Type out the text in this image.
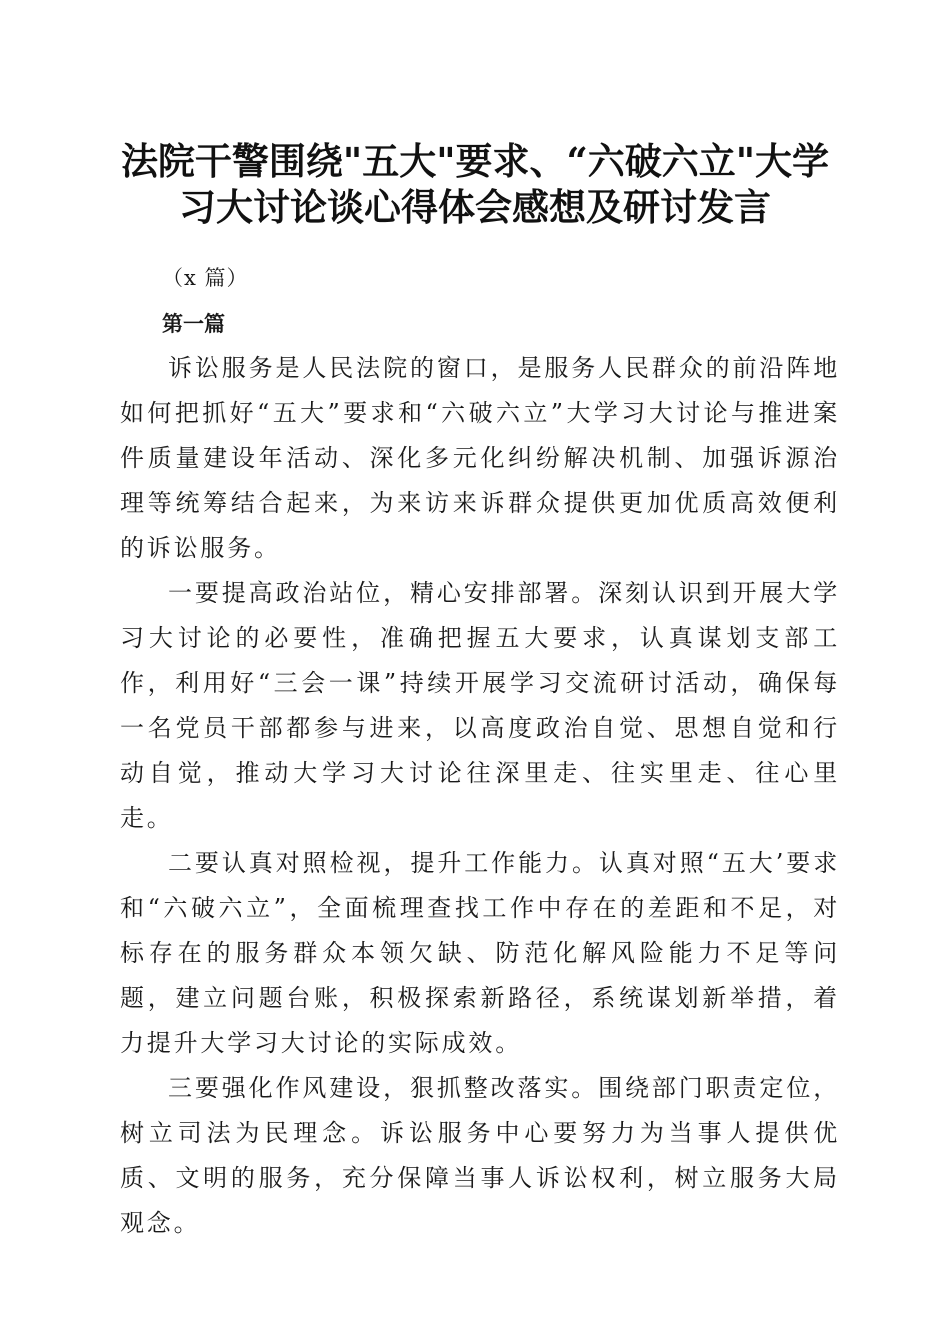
法院干警围绕"五大"要求、“六破六立"大学
习大讨论谈心得体会感想及研讨发言

（x 篇）

第一篇

诉讼服务是人民法院的窗口，是服务人民群众的前沿阵地如何把抓好“五大”要求和“六破六立”大学习大讨论与推进案件质量建设年活动、深化多元化纠纷解决机制、加强诉源治理等统筹结合起来，为来访来诉群众提供更加优质高效便利的诉讼服务。

一要提高政治站位，精心安排部署。深刻认识到开展大学习大讨论的必要性，准确把握五大要求，认真谋划支部工作，利用好“三会一课”持续开展学习交流研讨活动，确保每一名党员干部都参与进来，以高度政治自觉、思想自觉和行动自觉，推动大学习大讨论往深里走、往实里走、往心里走。

二要认真对照检视，提升工作能力。认真对照“五大’要求和“六破六立”，全面梳理查找工作中存在的差距和不足，对标存在的服务群众本领欠缺、防范化解风险能力不足等问题，建立问题台账，积极探索新路径，系统谋划新举措，着力提升大学习大讨论的实际成效。

三要强化作风建设，狠抓整改落实。围绕部门职责定位，树立司法为民理念。诉讼服务中心要努力为当事人提供优质、文明的服务，充分保障当事人诉讼权利，树立服务大局观念。
